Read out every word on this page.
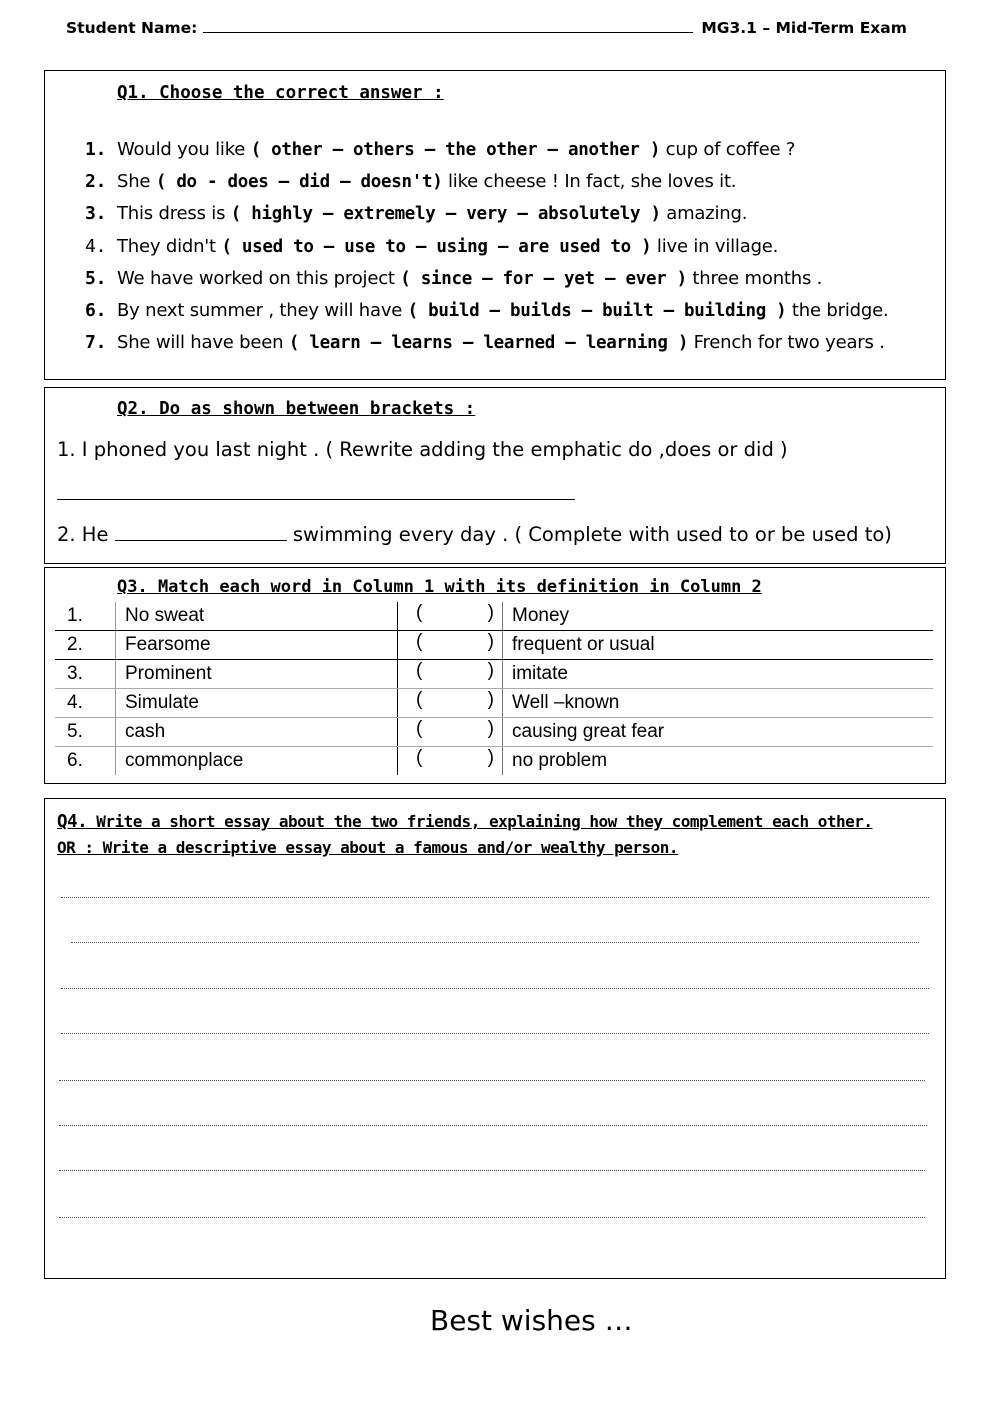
Student Name:	MG3.1 – Mid-Term Exam
Q1. Choose the correct answer :
1. Would you like ( other – others – the other – another ) cup of coffee ?
2. She ( do - does – did – doesn't) like cheese ! In fact, she loves it.
3. This dress is ( highly – extremely – very – absolutely ) amazing.
4. They didn't ( used to – use to – using – are used to ) live in village.
5. We have worked on this project ( since – for – yet – ever ) three months .
6. By next summer , they will have ( build – builds – built – building ) the bridge.
7. She will have been ( learn – learns – learned – learning ) French for two years .
Q2. Do as shown between brackets :
1. I phoned you last night . ( Rewrite adding the emphatic do ,does or did )
2. He	swimming every day . ( Complete with used to or be used to)
Q3. Match each word in Column 1 with its definition in Column 2
1.	No sweat	( )	Money
2.	Fearsome	( )	frequent or usual
3.	Prominent	( )	imitate
4.	Simulate	( )	Well –known
5.	cash	( )	causing great fear
6.	commonplace	( )	no problem
Q4. Write a short essay about the two friends, explaining how they complement each other.
OR : Write a descriptive essay about a famous and/or wealthy person.
Best wishes …
